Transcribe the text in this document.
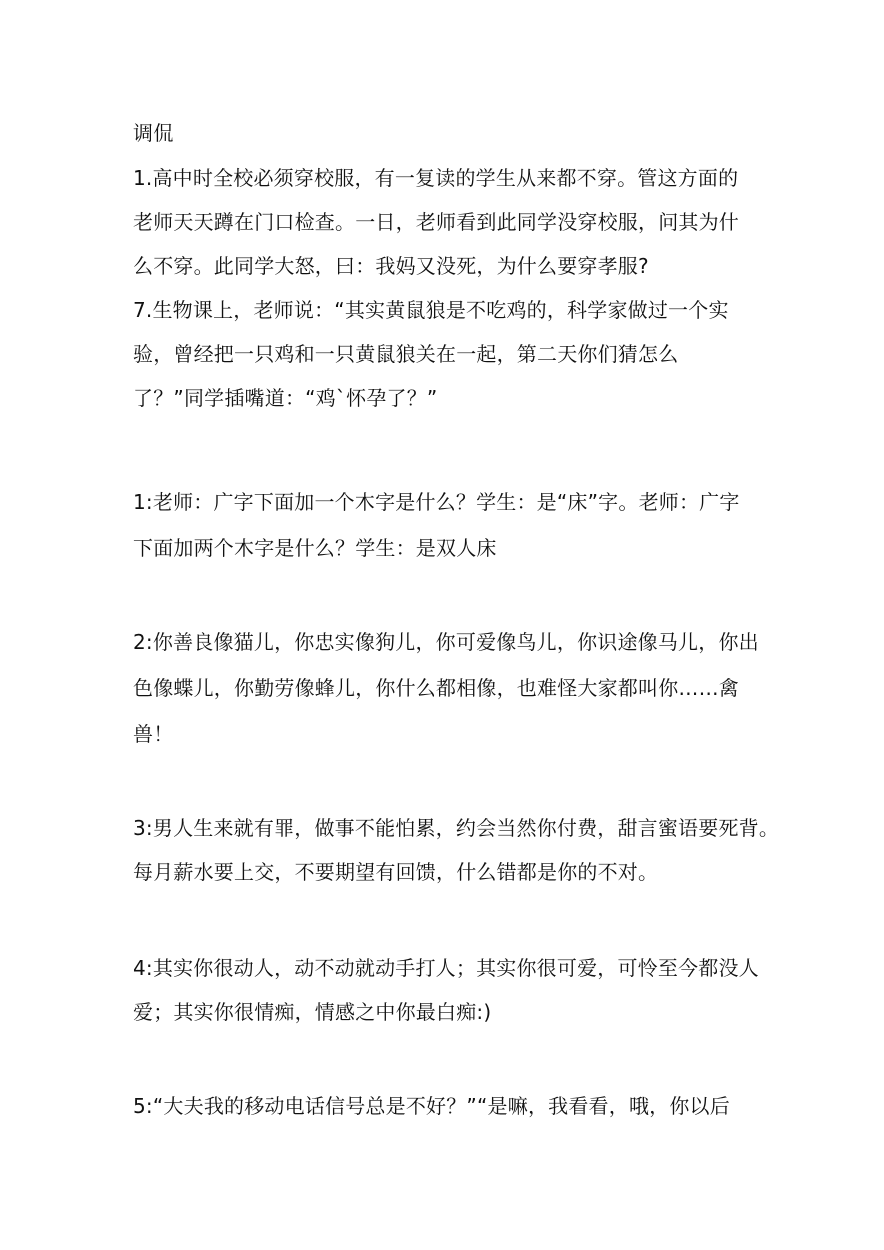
调侃
1.高中时全校必须穿校服，有一复读的学生从来都不穿。管这方面的
老师天天蹲在门口检查。一日，老师看到此同学没穿校服，问其为什
么不穿。此同学大怒，曰：我妈又没死，为什么要穿孝服?
7.生物课上，老师说：“其实黄鼠狼是不吃鸡的，科学家做过一个实
验，曾经把一只鸡和一只黄鼠狼关在一起，第二天你们猜怎么
了？”同学插嘴道：“鸡`怀孕了？”
1:老师：广字下面加一个木字是什么？学生：是“床”字。老师：广字
下面加两个木字是什么？学生：是双人床
2:你善良像猫儿，你忠实像狗儿，你可爱像鸟儿，你识途像马儿，你出
色像蝶儿，你勤劳像蜂儿，你什么都相像，也难怪大家都叫你……禽
兽！
3:男人生来就有罪，做事不能怕累，约会当然你付费，甜言蜜语要死背。
每月薪水要上交，不要期望有回馈，什么错都是你的不对。
4:其实你很动人，动不动就动手打人；其实你很可爱，可怜至今都没人
爱；其实你很情痴，情感之中你最白痴:)
5:“大夫我的移动电话信号总是不好？”“是嘛，我看看，哦，你以后
